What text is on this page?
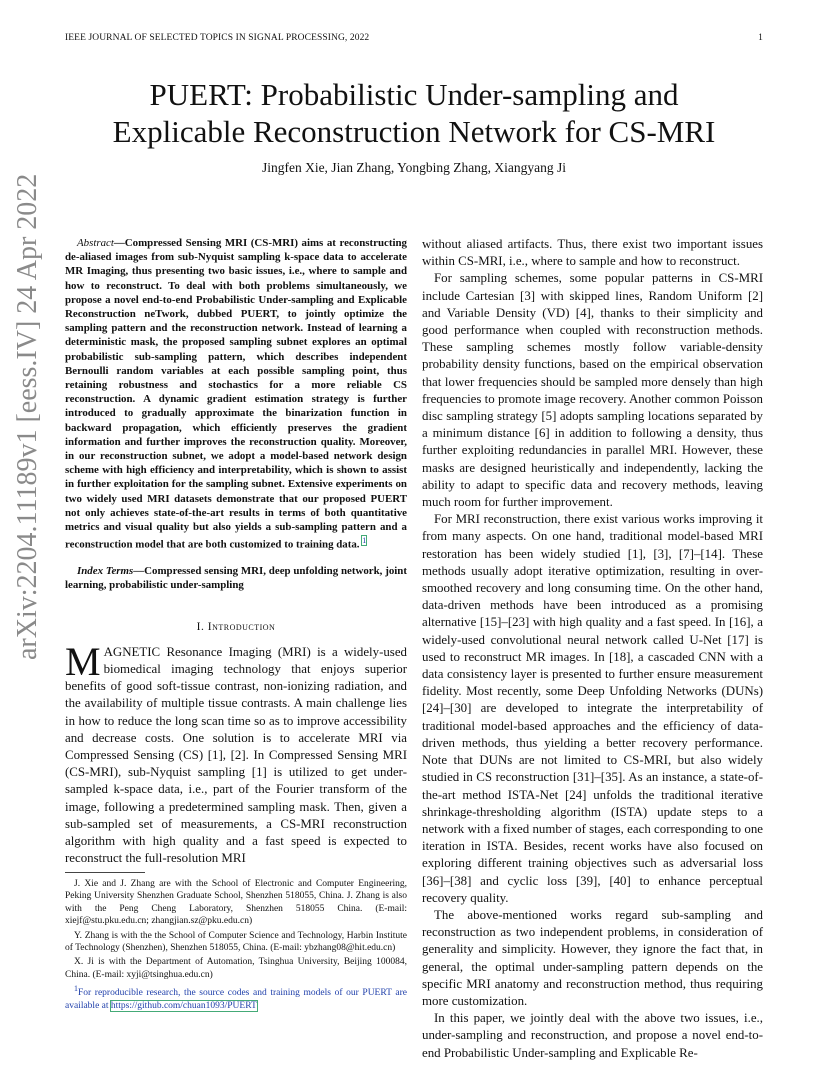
IEEE JOURNAL OF SELECTED TOPICS IN SIGNAL PROCESSING, 2022	1
arXiv:2204.11189v1 [eess.IV] 24 Apr 2022
PUERT: Probabilistic Under-sampling and
Explicable Reconstruction Network for CS-MRI
Jingfen Xie, Jian Zhang, Yongbing Zhang, Xiangyang Ji

Abstract—Compressed Sensing MRI (CS-MRI) aims at reconstructing de-aliased images from sub-Nyquist sampling k-space data to accelerate MR Imaging, thus presenting two basic issues, i.e., where to sample and how to reconstruct. To deal with both problems simultaneously, we propose a novel end-to-end Probabilistic Under-sampling and Explicable Reconstruction neTwork, dubbed PUERT, to jointly optimize the sampling pattern and the reconstruction network. Instead of learning a deterministic mask, the proposed sampling subnet explores an optimal probabilistic sub-sampling pattern, which describes independent Bernoulli random variables at each possible sampling point, thus retaining robustness and stochastics for a more reliable CS reconstruction. A dynamic gradient estimation strategy is further introduced to gradually approximate the binarization function in backward propagation, which efficiently preserves the gradient information and further improves the reconstruction quality. Moreover, in our reconstruction subnet, we adopt a model-based network design scheme with high efficiency and interpretability, which is shown to assist in further exploitation for the sampling subnet. Extensive experiments on two widely used MRI datasets demonstrate that our proposed PUERT not only achieves state-of-the-art results in terms of both quantitative metrics and visual quality but also yields a sub-sampling pattern and a reconstruction model that are both customized to training data. $^1$

Index Terms—Compressed sensing MRI, deep unfolding network, joint learning, probabilistic under-sampling

I. Introduction

MAGNETIC Resonance Imaging (MRI) is a widely-used biomedical imaging technology that enjoys superior benefits of good soft-tissue contrast, non-ionizing radiation, and the availability of multiple tissue contrasts. A main challenge lies in how to reduce the long scan time so as to improve accessibility and decrease costs. One solution is to accelerate MRI via Compressed Sensing (CS) [1], [2]. In Compressed Sensing MRI (CS-MRI), sub-Nyquist sampling [1] is utilized to get under-sampled k-space data, i.e., part of the Fourier transform of the image, following a predetermined sampling mask. Then, given a sub-sampled set of measurements, a CS-MRI reconstruction algorithm with high quality and a fast speed is expected to reconstruct the full-resolution MRI

J. Xie and J. Zhang are with the School of Electronic and Computer Engineering, Peking University Shenzhen Graduate School, Shenzhen 518055, China. J. Zhang is also with the Peng Cheng Laboratory, Shenzhen 518055 China. (E-mail: xiejf@stu.pku.edu.cn; zhangjian.sz@pku.edu.cn)

Y. Zhang is with the the School of Computer Science and Technology, Harbin Institute of Technology (Shenzhen), Shenzhen 518055, China. (E-mail: ybzhang08@hit.edu.cn)

X. Ji is with the Department of Automation, Tsinghua University, Beijing 100084, China. (E-mail: xyji@tsinghua.edu.cn)

$^1$For reproducible research, the source codes and training models of our PUERT are available at https://github.com/chuan1093/PUERT

without aliased artifacts. Thus, there exist two important issues within CS-MRI, i.e., where to sample and how to reconstruct.

For sampling schemes, some popular patterns in CS-MRI include Cartesian [3] with skipped lines, Random Uniform [2] and Variable Density (VD) [4], thanks to their simplicity and good performance when coupled with reconstruction methods. These sampling schemes mostly follow variable-density probability density functions, based on the empirical observation that lower frequencies should be sampled more densely than high frequencies to promote image recovery. Another common Poisson disc sampling strategy [5] adopts sampling locations separated by a minimum distance [6] in addition to following a density, thus further exploiting redundancies in parallel MRI. However, these masks are designed heuristically and independently, lacking the ability to adapt to specific data and recovery methods, leaving much room for further improvement.

For MRI reconstruction, there exist various works improving it from many aspects. On one hand, traditional model-based MRI restoration has been widely studied [1], [3], [7]–[14]. These methods usually adopt iterative optimization, resulting in over-smoothed recovery and long consuming time. On the other hand, data-driven methods have been introduced as a promising alternative [15]–[23] with high quality and a fast speed. In [16], a widely-used convolutional neural network called U-Net [17] is used to reconstruct MR images. In [18], a cascaded CNN with a data consistency layer is presented to further ensure measurement fidelity. Most recently, some Deep Unfolding Networks (DUNs) [24]–[30] are developed to integrate the interpretability of traditional model-based approaches and the efficiency of data-driven methods, thus yielding a better recovery performance. Note that DUNs are not limited to CS-MRI, but also widely studied in CS reconstruction [31]–[35]. As an instance, a state-of-the-art method ISTA-Net [24] unfolds the traditional iterative shrinkage-thresholding algorithm (ISTA) update steps to a network with a fixed number of stages, each corresponding to one iteration in ISTA. Besides, recent works have also focused on exploring different training objectives such as adversarial loss [36]–[38] and cyclic loss [39], [40] to enhance perceptual recovery quality.

The above-mentioned works regard sub-sampling and reconstruction as two independent problems, in consideration of generality and simplicity. However, they ignore the fact that, in general, the optimal under-sampling pattern depends on the specific MRI anatomy and reconstruction method, thus requiring more customization.

In this paper, we jointly deal with the above two issues, i.e., under-sampling and reconstruction, and propose a novel end-to-end Probabilistic Under-sampling and Explicable Re-
